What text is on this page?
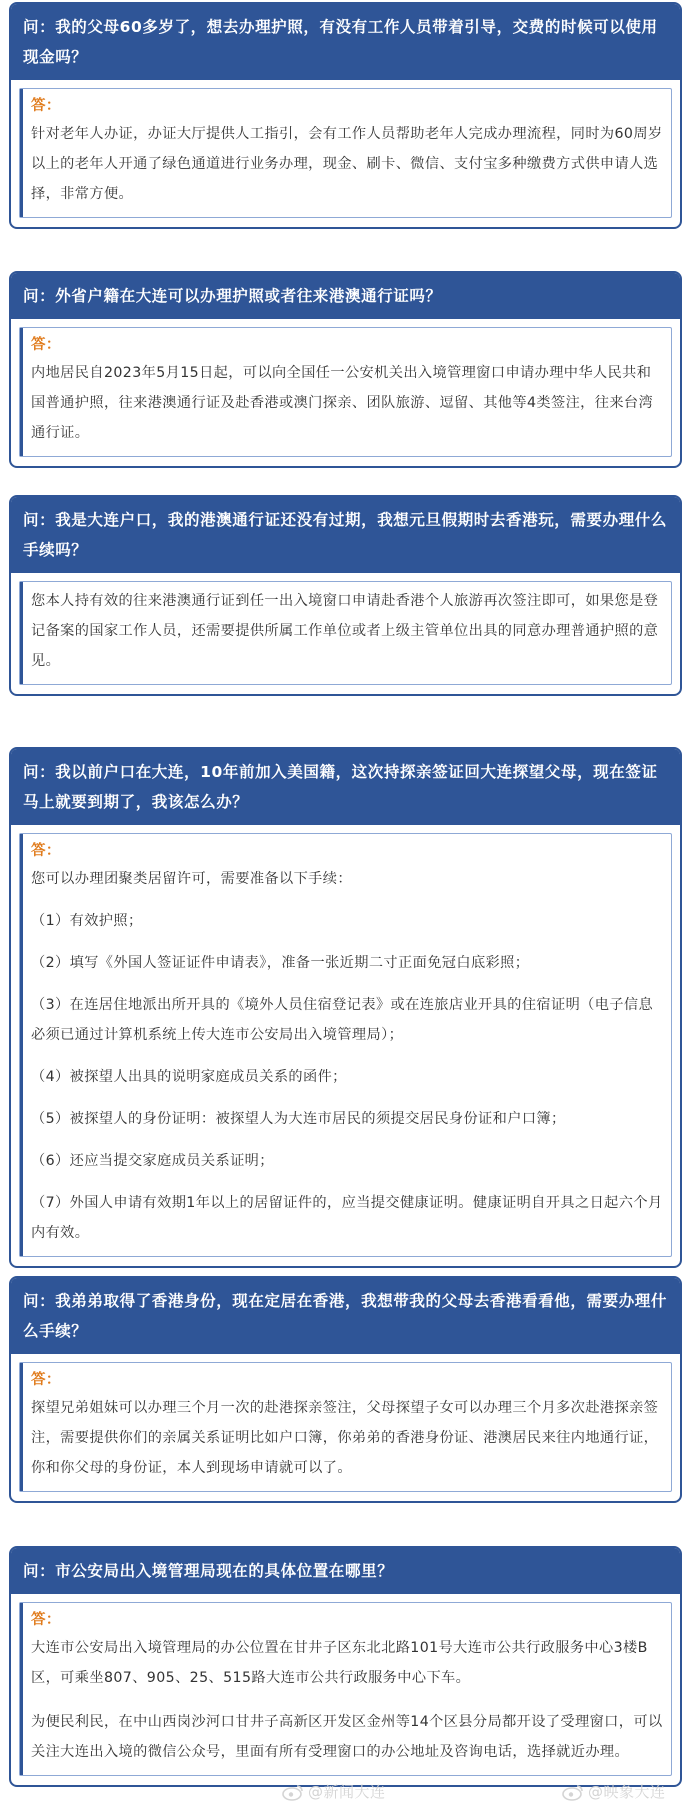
问：我的父母60多岁了，想去办理护照，有没有工作人员带着引导，交费的时候可以使用现金吗？
答：

针对老年人办证，办证大厅提供人工指引，会有工作人员帮助老年人完成办理流程，同时为60周岁以上的老年人开通了绿色通道进行业务办理，现金、刷卡、微信、支付宝多种缴费方式供申请人选择，非常方便。

问：外省户籍在大连可以办理护照或者往来港澳通行证吗？
答：

内地居民自2023年5月15日起，可以向全国任一公安机关出入境管理窗口申请办理中华人民共和国普通护照，往来港澳通行证及赴香港或澳门探亲、团队旅游、逗留、其他等4类签注，往来台湾通行证。

问：我是大连户口，我的港澳通行证还没有过期，我想元旦假期时去香港玩，需要办理什么手续吗？

您本人持有效的往来港澳通行证到任一出入境窗口申请赴香港个人旅游再次签注即可，如果您是登记备案的国家工作人员，还需要提供所属工作单位或者上级主管单位出具的同意办理普通护照的意见。

问：我以前户口在大连，10年前加入美国籍，这次持探亲签证回大连探望父母，现在签证马上就要到期了，我该怎么办？
答：

您可以办理团聚类居留许可，需要准备以下手续：

（1）有效护照；

（2）填写《外国人签证证件申请表》，准备一张近期二寸正面免冠白底彩照；

（3）在连居住地派出所开具的《境外人员住宿登记表》或在连旅店业开具的住宿证明（电子信息必须已通过计算机系统上传大连市公安局出入境管理局）；

（4）被探望人出具的说明家庭成员关系的函件；

（5）被探望人的身份证明：被探望人为大连市居民的须提交居民身份证和户口簿；

（6）还应当提交家庭成员关系证明；

（7）外国人申请有效期1年以上的居留证件的，应当提交健康证明。健康证明自开具之日起六个月内有效。

问：我弟弟取得了香港身份，现在定居在香港，我想带我的父母去香港看看他，需要办理什么手续？
答：

探望兄弟姐妹可以办理三个月一次的赴港探亲签注，父母探望子女可以办理三个月多次赴港探亲签注，需要提供你们的亲属关系证明比如户口簿，你弟弟的香港身份证、港澳居民来往内地通行证，你和你父母的身份证，本人到现场申请就可以了。

问：市公安局出入境管理局现在的具体位置在哪里？
答：

大连市公安局出入境管理局的办公位置在甘井子区东北北路101号大连市公共行政服务中心3楼B区，可乘坐807、905、25、515路大连市公共行政服务中心下车。

为便民利民，在中山西岗沙河口甘井子高新区开发区金州等14个区县分局都开设了受理窗口，可以关注大连出入境的微信公众号，里面有所有受理窗口的办公地址及咨询电话，选择就近办理。

@新闻大连	@映象大连
